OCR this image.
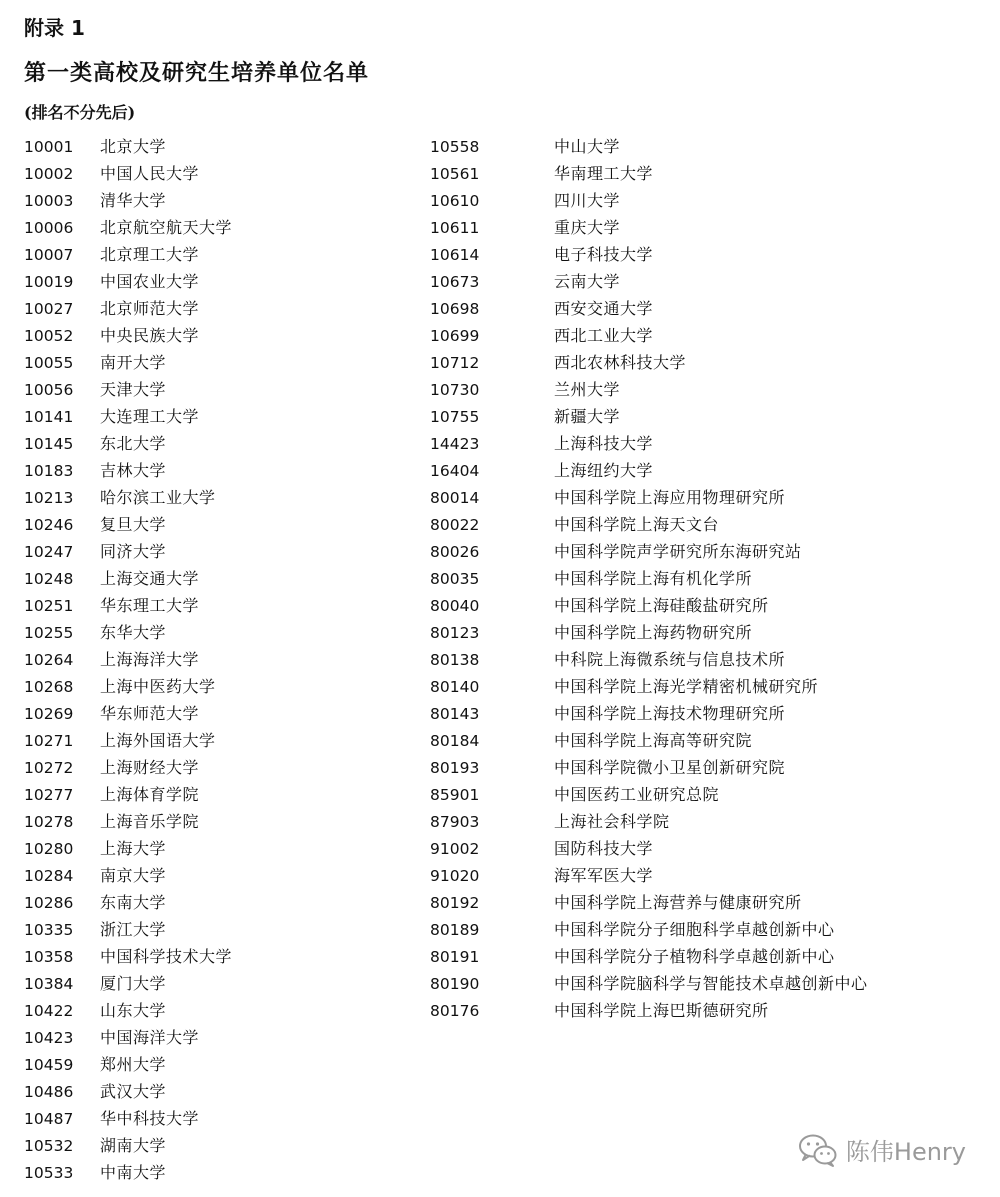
附录 1
第一类高校及研究生培养单位名单
(排名不分先后)
10001 北京大学
10002 中国人民大学
10003 清华大学
10006 北京航空航天大学
10007 北京理工大学
10019 中国农业大学
10027 北京师范大学
10052 中央民族大学
10055 南开大学
10056 天津大学
10141 大连理工大学
10145 东北大学
10183 吉林大学
10213 哈尔滨工业大学
10246 复旦大学
10247 同济大学
10248 上海交通大学
10251 华东理工大学
10255 东华大学
10264 上海海洋大学
10268 上海中医药大学
10269 华东师范大学
10271 上海外国语大学
10272 上海财经大学
10277 上海体育学院
10278 上海音乐学院
10280 上海大学
10284 南京大学
10286 东南大学
10335 浙江大学
10358 中国科学技术大学
10384 厦门大学
10422 山东大学
10423 中国海洋大学
10459 郑州大学
10486 武汉大学
10487 华中科技大学
10532 湖南大学
10533 中南大学
10558	中山大学
10561	华南理工大学
10610	四川大学
10611	重庆大学
10614	电子科技大学
10673	云南大学
10698	西安交通大学
10699	西北工业大学
10712	西北农林科技大学
10730	兰州大学
10755	新疆大学
14423	上海科技大学
16404	上海纽约大学
80014	中国科学院上海应用物理研究所
80022	中国科学院上海天文台
80026	中国科学院声学研究所东海研究站
80035	中国科学院上海有机化学所
80040	中国科学院上海硅酸盐研究所
80123	中国科学院上海药物研究所
80138	中科院上海微系统与信息技术所
80140	中国科学院上海光学精密机械研究所
80143	中国科学院上海技术物理研究所
80184	中国科学院上海高等研究院
80193	中国科学院微小卫星创新研究院
85901	中国医药工业研究总院
87903	上海社会科学院
91002	国防科技大学
91020	海军军医大学
80192	中国科学院上海营养与健康研究所
80189	中国科学院分子细胞科学卓越创新中心
80191	中国科学院分子植物科学卓越创新中心
80190	中国科学院脑科学与智能技术卓越创新中心
80176	中国科学院上海巴斯德研究所
陈伟Henry
